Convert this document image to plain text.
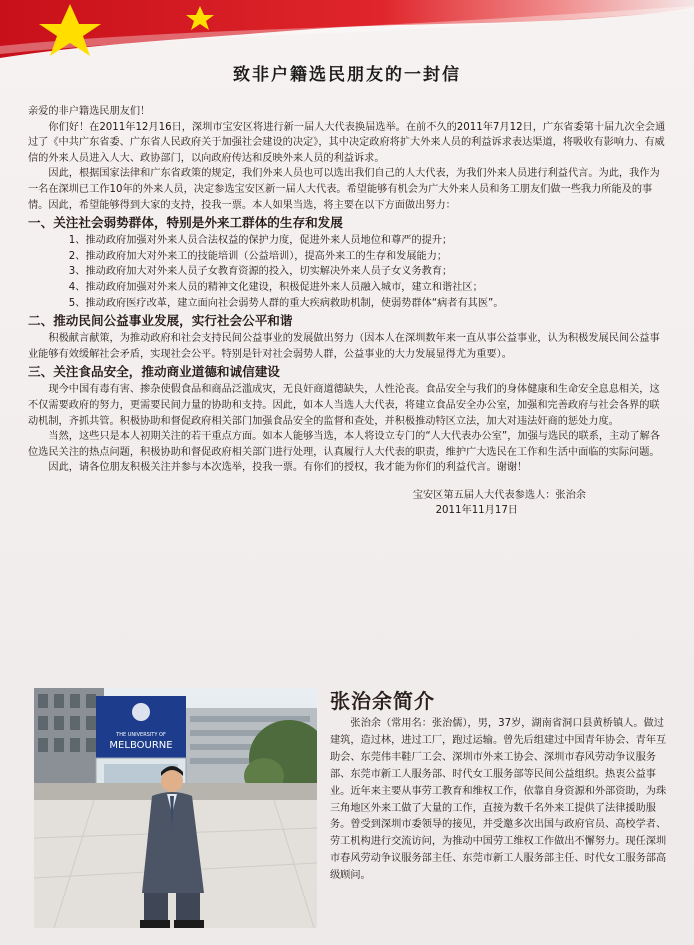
致非户籍选民朋友的一封信

亲爱的非户籍选民朋友们！

你们好！在2011年12月16日，深圳市宝安区将进行新一届人大代表换届选举。在前不久的2011年7月12日，广东省委第十届九次全会通过了《中共广东省委、广东省人民政府关于加强社会建设的决定》，其中决定政府将扩大外来人员的利益诉求表达渠道，将吸收有影响力、有威信的外来人员进入人大、政协部门，以向政府传达和反映外来人员的利益诉求。

因此，根据国家法律和广东省政策的规定，我们外来人员也可以选出我们自己的人大代表，为我们外来人员进行利益代言。为此，我作为一名在深圳已工作10年的外来人员，决定参选宝安区新一届人大代表。希望能够有机会为广大外来人员和务工朋友们做一些我力所能及的事情。因此，希望能够得到大家的支持，投我一票。本人如果当选，将主要在以下方面做出努力：

一、关注社会弱势群体，特别是外来工群体的生存和发展

1、推动政府加强对外来人员合法权益的保护力度，促进外来人员地位和尊严的提升；

2、推动政府加大对外来工的技能培训（公益培训），提高外来工的生存和发展能力；

3、推动政府加大对外来人员子女教育资源的投入，切实解决外来人员子女义务教育；

4、推动政府加强对外来人员的精神文化建设，积极促进外来人员融入城市，建立和谐社区；

5、推动政府医疗改革，建立面向社会弱势人群的重大疾病救助机制，使弱势群体“病者有其医”。

二、推动民间公益事业发展，实行社会公平和谐

积极献言献策，为推动政府和社会支持民间公益事业的发展做出努力（因本人在深圳数年来一直从事公益事业，认为积极发展民间公益事业能够有效缓解社会矛盾，实现社会公平。特别是针对社会弱势人群，公益事业的大力发展显得尤为重要）。

三、关注食品安全，推动商业道德和诚信建设

现今中国有毒有害、掺杂使假食品和商品泛滥成灾，无良奸商道德缺失，人性沦丧。食品安全与我们的身体健康和生命安全息息相关，这不仅需要政府的努力，更需要民间力量的协助和支持。因此，如本人当选人大代表，将建立食品安全办公室，加强和完善政府与社会各界的联动机制，齐抓共管。积极协助和督促政府相关部门加强食品安全的监督和查处，并积极推动特区立法，加大对违法奸商的惩处力度。

当然，这些只是本人初期关注的若干重点方面。如本人能够当选，本人将设立专门的“人大代表办公室”，加强与选民的联系，主动了解各位选民关注的热点问题，积极协助和督促政府相关部门进行处理，认真履行人大代表的职责，维护广大选民在工作和生活中面临的实际问题。

因此，请各位朋友积极关注并参与本次选举，投我一票。有你们的授权，我才能为你们的利益代言。谢谢！

宝安区第五届人大代表参选人：张治余

2011年11月17日

THE UNIVERSITY OF
MELBOURNE
张治余简介

张治余（常用名：张治儒），男，37岁，湖南省洞口县黄桥镇人。做过建筑，造过林，进过工厂，跑过运输。曾先后组建过中国青年协会、青年互助会、东莞伟丰鞋厂工会、深圳市外来工协会、深圳市春风劳动争议服务部、东莞市新工人服务部、时代女工服务部等民间公益组织。热衷公益事业。近年来主要从事劳工教育和维权工作，依靠自身资源和外部资助，为珠三角地区外来工做了大量的工作，直接为数千名外来工提供了法律援助服务。曾受到深圳市委领导的接见，并受邀多次出国与政府官员、高校学者、劳工机构进行交流访问，为推动中国劳工维权工作做出不懈努力。现任深圳市春风劳动争议服务部主任、东莞市新工人服务部主任、时代女工服务部高级顾问。
